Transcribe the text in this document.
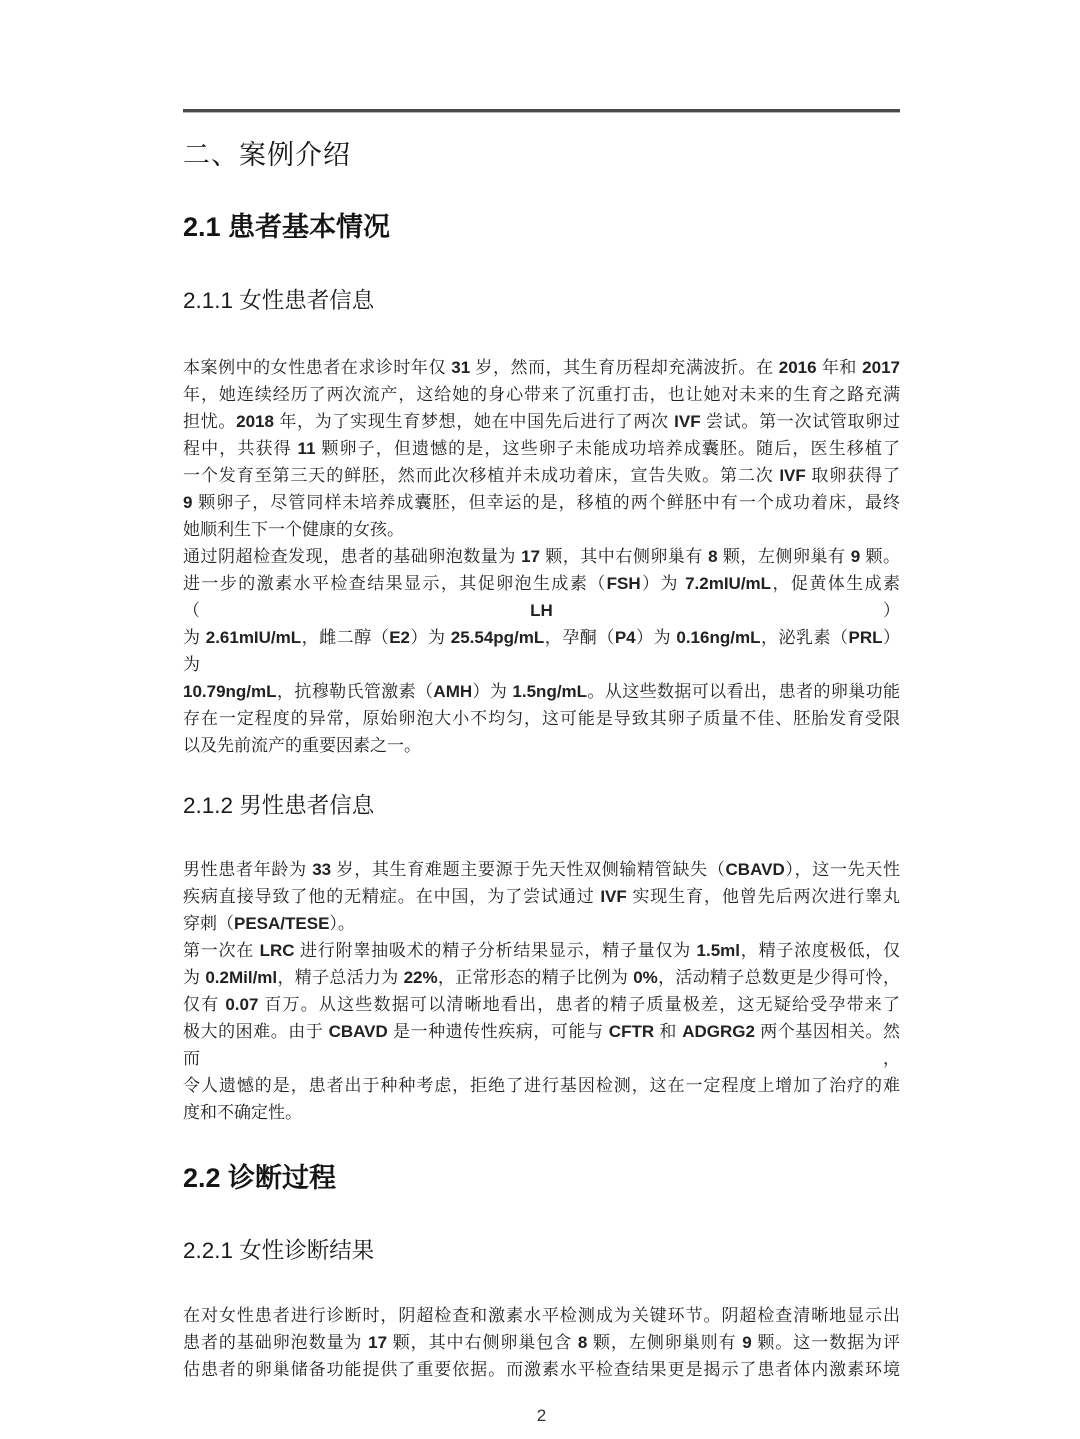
二、案例介绍
2.1 患者基本情况
2.1.1 女性患者信息
本案例中的女性患者在求诊时年仅 31 岁，然而，其生育历程却充满波折。在 2016 年和 2017
年，她连续经历了两次流产，这给她的身心带来了沉重打击，也让她对未来的生育之路充满
担忧。2018 年，为了实现生育梦想，她在中国先后进行了两次 IVF 尝试。第一次试管取卵过
程中，共获得 11 颗卵子，但遗憾的是，这些卵子未能成功培养成囊胚。随后，医生移植了
一个发育至第三天的鲜胚，然而此次移植并未成功着床，宣告失败。第二次 IVF 取卵获得了
9 颗卵子，尽管同样未培养成囊胚，但幸运的是，移植的两个鲜胚中有一个成功着床，最终
她顺利生下一个健康的女孩。
通过阴超检查发现，患者的基础卵泡数量为 17 颗，其中右侧卵巢有 8 颗，左侧卵巢有 9 颗。
进一步的激素水平检查结果显示，其促卵泡生成素（FSH）为 7.2mIU/mL，促黄体生成素（LH）
为 2.61mIU/mL，雌二醇（E2）为 25.54pg/mL，孕酮（P4）为 0.16ng/mL，泌乳素（PRL）为
10.79ng/mL，抗穆勒氏管激素（AMH）为 1.5ng/mL。从这些数据可以看出，患者的卵巢功能
存在一定程度的异常，原始卵泡大小不均匀，这可能是导致其卵子质量不佳、胚胎发育受限
以及先前流产的重要因素之一。
2.1.2 男性患者信息
男性患者年龄为 33 岁，其生育难题主要源于先天性双侧输精管缺失（CBAVD），这一先天性
疾病直接导致了他的无精症。在中国，为了尝试通过 IVF 实现生育，他曾先后两次进行睾丸
穿刺（PESA/TESE）。
第一次在 LRC 进行附睾抽吸术的精子分析结果显示，精子量仅为 1.5ml，精子浓度极低，仅
为 0.2Mil/ml，精子总活力为 22%，正常形态的精子比例为 0%，活动精子总数更是少得可怜，
仅有 0.07 百万。从这些数据可以清晰地看出，患者的精子质量极差，这无疑给受孕带来了
极大的困难。由于 CBAVD 是一种遗传性疾病，可能与 CFTR 和 ADGRG2 两个基因相关。然而，
令人遗憾的是，患者出于种种考虑，拒绝了进行基因检测，这在一定程度上增加了治疗的难
度和不确定性。
2.2 诊断过程
2.2.1 女性诊断结果
在对女性患者进行诊断时，阴超检查和激素水平检测成为关键环节。阴超检查清晰地显示出
患者的基础卵泡数量为 17 颗，其中右侧卵巢包含 8 颗，左侧卵巢则有 9 颗。这一数据为评
估患者的卵巢储备功能提供了重要依据。而激素水平检查结果更是揭示了患者体内激素环境
2
